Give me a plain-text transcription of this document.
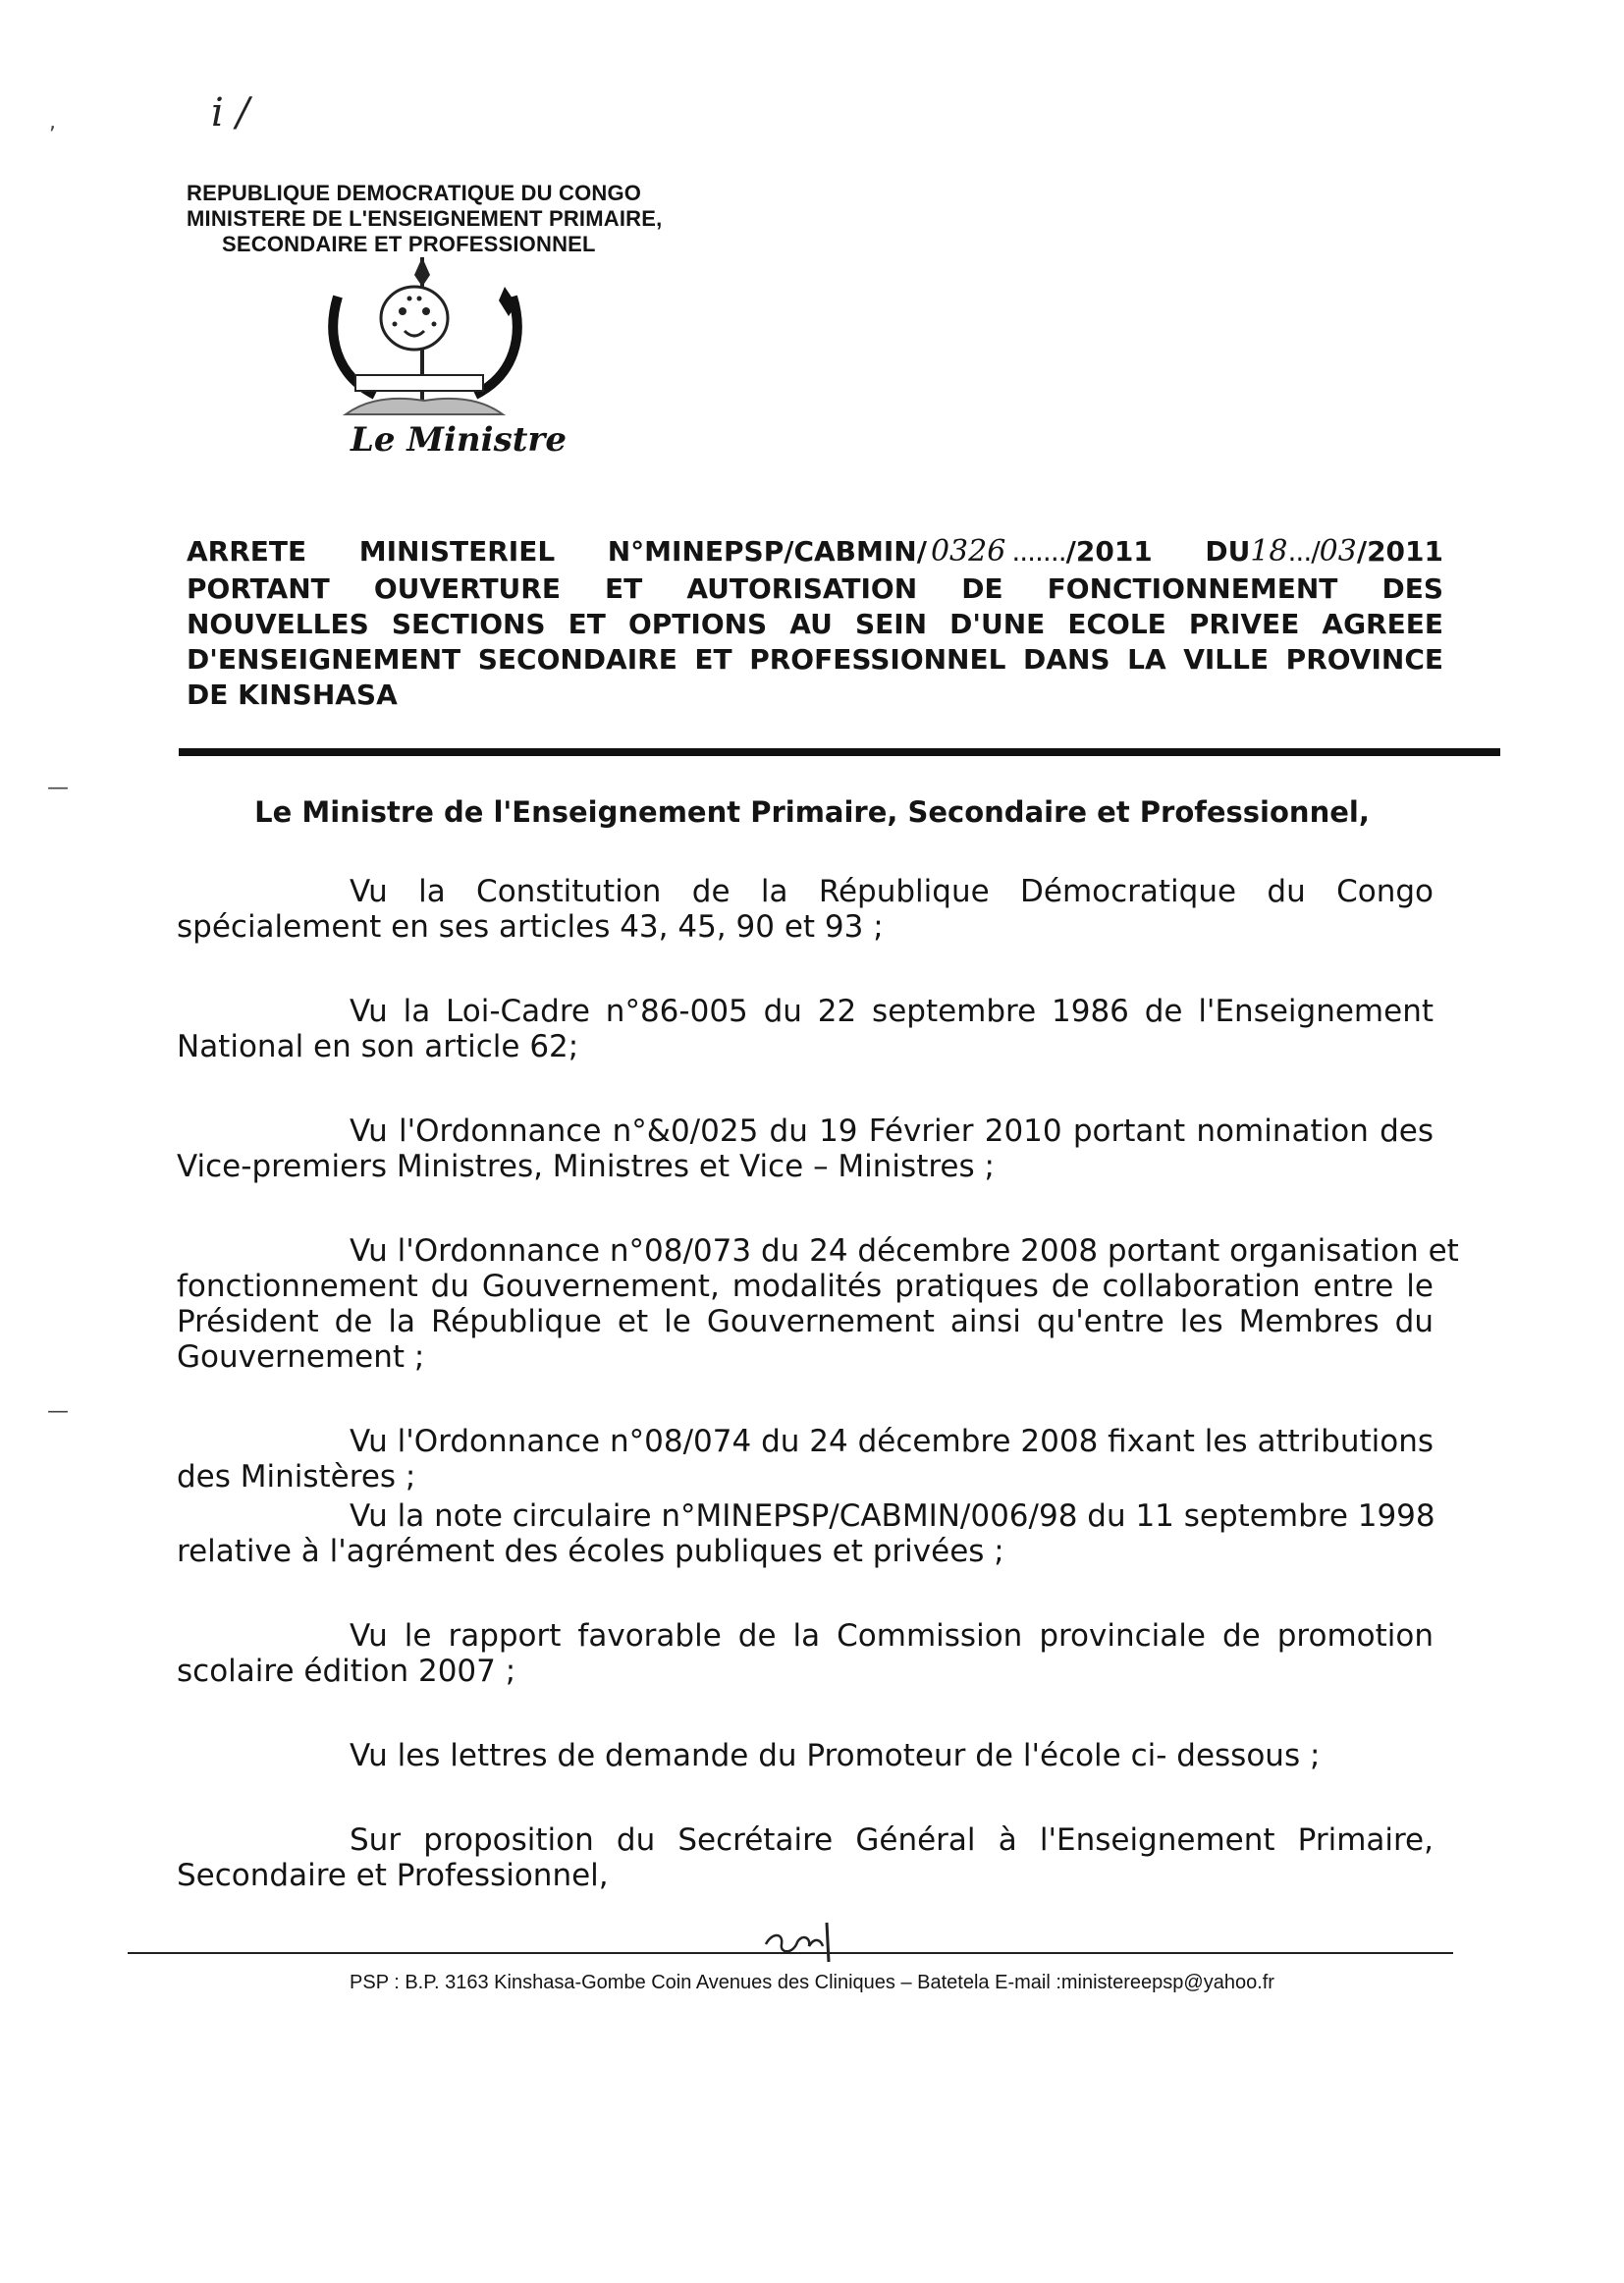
i /
,
—
—
REPUBLIQUE DEMOCRATIQUE DU CONGO
MINISTERE DE L'ENSEIGNEMENT PRIMAIRE,
SECONDAIRE ET PROFESSIONNEL
Le Ministre
ARRETE MINISTERIEL N°MINEPSP/CABMIN/ 0326 ......./2011 DU18.../03/2011
PORTANT OUVERTURE ET AUTORISATION DE FONCTIONNEMENT DES
NOUVELLES SECTIONS ET OPTIONS AU SEIN D'UNE ECOLE PRIVEE AGREEE
D'ENSEIGNEMENT SECONDAIRE ET PROFESSIONNEL DANS LA VILLE PROVINCE
DE KINSHASA
Le Ministre de l'Enseignement Primaire, Secondaire et Professionnel,
Vu la Constitution de la République Démocratique du Congo
spécialement en ses articles 43, 45, 90 et 93 ;
Vu la Loi-Cadre n°86-005 du 22 septembre 1986 de l'Enseignement
National en son article 62;
Vu l'Ordonnance n°&0/025 du 19 Février 2010 portant nomination des
Vice-premiers Ministres, Ministres et Vice – Ministres ;
Vu l'Ordonnance n°08/073 du 24 décembre 2008 portant organisation et
fonctionnement du Gouvernement, modalités pratiques de collaboration entre le
Président de la République et le Gouvernement ainsi qu'entre les Membres du
Gouvernement ;
Vu l'Ordonnance n°08/074 du 24 décembre 2008 fixant les attributions
des Ministères ;
Vu la note circulaire n°MINEPSP/CABMIN/006/98 du 11 septembre 1998
relative à l'agrément des écoles publiques et privées ;
Vu le rapport favorable de la Commission provinciale de promotion
scolaire édition 2007 ;
Vu les lettres de demande du Promoteur de l'école ci- dessous ;
Sur proposition du Secrétaire Général à l'Enseignement Primaire,
Secondaire et Professionnel,
PSP : B.P. 3163 Kinshasa-Gombe Coin Avenues des Cliniques – Batetela E-mail :ministereepsp@yahoo.fr
